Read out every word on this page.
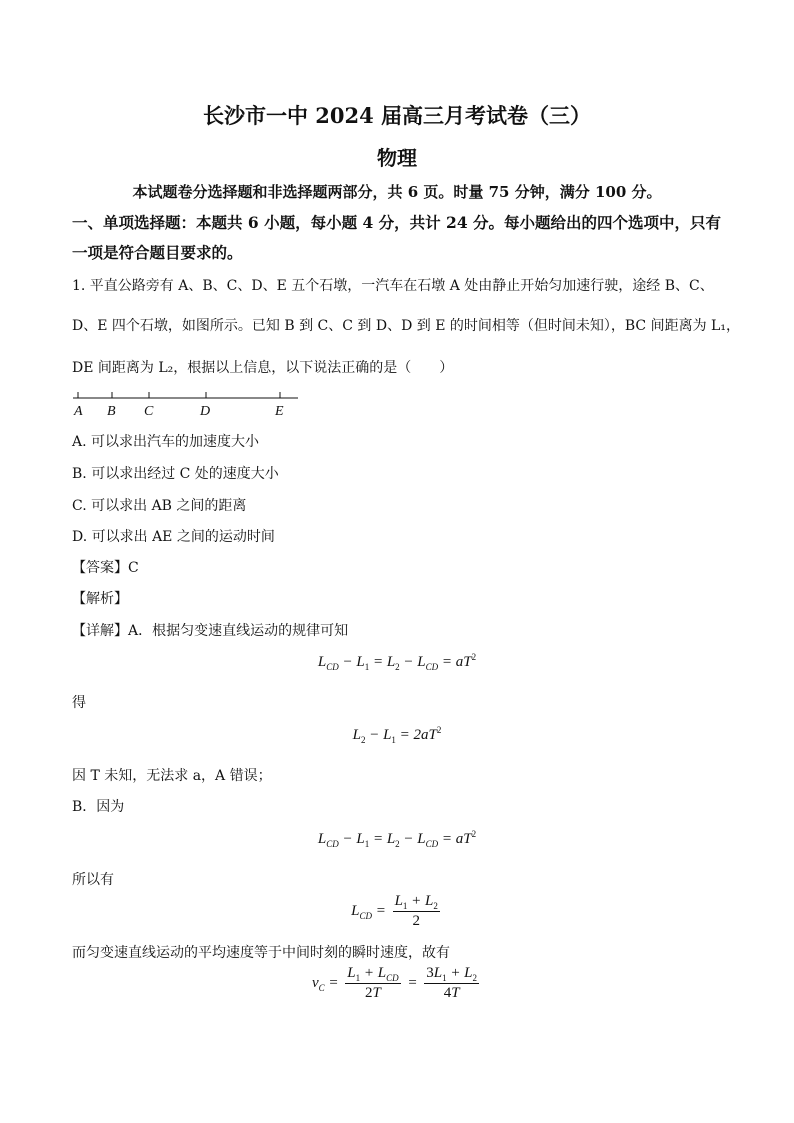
长沙市一中 2024 届高三月考试卷（三）
物理
本试题卷分选择题和非选择题两部分，共 6 页。时量 75 分钟，满分 100 分。
一、单项选择题：本题共 6 小题，每小题 4 分，共计 24 分。每小题给出的四个选项中，只有一项是符合题目要求的。
1. 平直公路旁有 A、B、C、D、E 五个石墩，一汽车在石墩 A 处由静止开始匀加速行驶，途经 B、C、
D、E 四个石墩，如图所示。已知 B 到 C、C 到 D、D 到 E 的时间相等（但时间未知），BC 间距离为 L₁，
DE 间距离为 L₂，根据以上信息，以下说法正确的是（　　）
A B C	D	E
A. 可以求出汽车的加速度大小
B. 可以求出经过 C 处的速度大小
C. 可以求出 AB 之间的距离
D. 可以求出 AE 之间的运动时间
【答案】C
【解析】
【详解】A．根据匀变速直线运动的规律可知
$L_{CD} - L_1 = L_2 - L_{CD} = aT^2$
得
$L_2 - L_1 = 2aT^2$
因 T 未知，无法求 a，A 错误；
B．因为
$L_{CD} - L_1 = L_2 - L_{CD} = aT^2$
所以有
$L_{CD} = \frac{L_1 + L_2}{2}$
而匀变速直线运动的平均速度等于中间时刻的瞬时速度，故有
$v_C = \frac{L_1 + L_{CD}}{2T} = \frac{3L_1 + L_2}{4T}$
